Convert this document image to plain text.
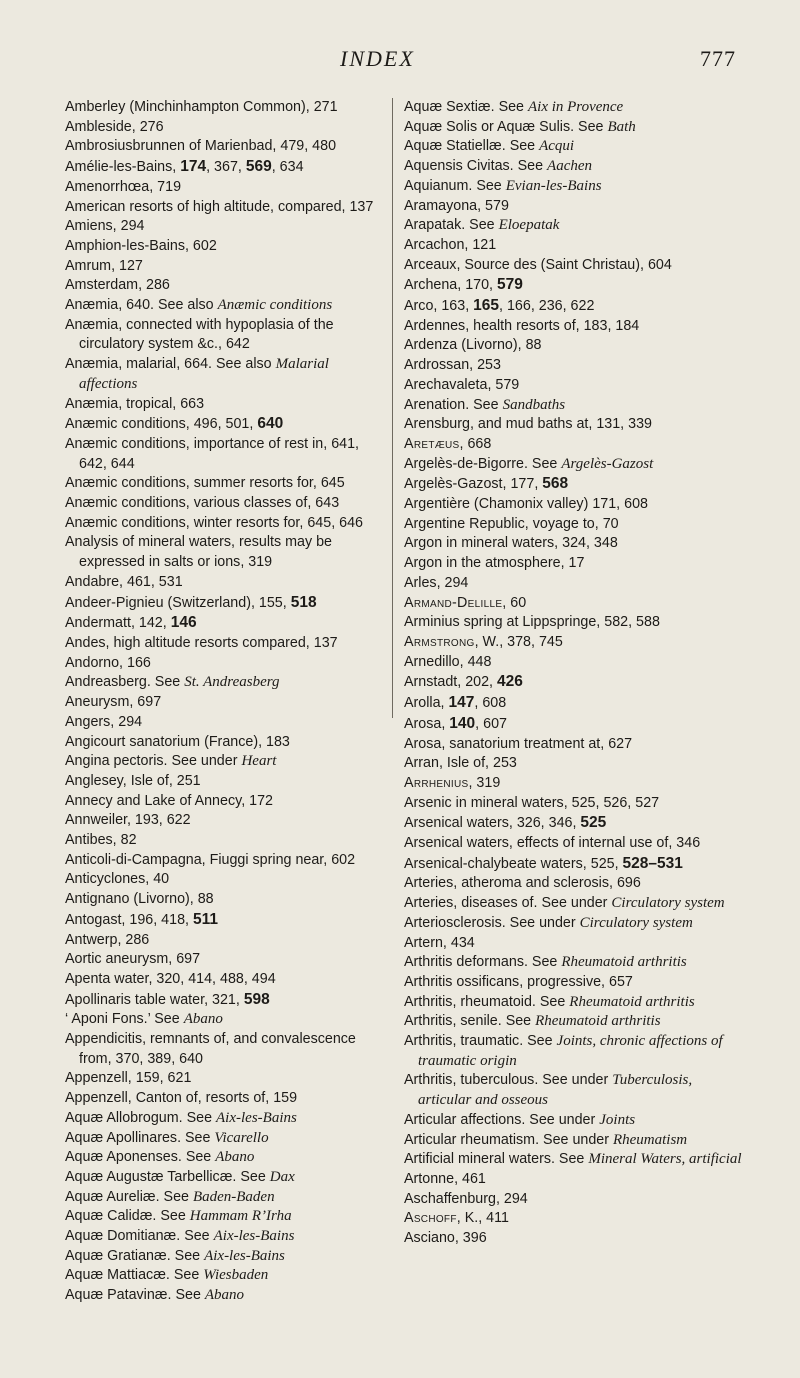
INDEX	777
Amberley (Minchinhampton Common), 271
Ambleside, 276
Ambrosiusbrunnen of Marienbad, 479, 480
Amélie-les-Bains, 174, 367, 569, 634
Amenorrhœa, 719
American resorts of high altitude, compared, 137
Amiens, 294
Amphion-les-Bains, 602
Amrum, 127
Amsterdam, 286
Anæmia, 640. See also Anæmic conditions
Anæmia, connected with hypoplasia of the circulatory system &c., 642
Anæmia, malarial, 664. See also Malarial affections
Anæmia, tropical, 663
Anæmic conditions, 496, 501, 640
Anæmic conditions, importance of rest in, 641, 642, 644
Anæmic conditions, summer resorts for, 645
Anæmic conditions, various classes of, 643
Anæmic conditions, winter resorts for, 645, 646
Analysis of mineral waters, results may be expressed in salts or ions, 319
Andabre, 461, 531
Andeer-Pignieu (Switzerland), 155, 518
Andermatt, 142, 146
Andes, high altitude resorts compared, 137
Andorno, 166
Andreasberg. See St. Andreasberg
Aneurysm, 697
Angers, 294
Angicourt sanatorium (France), 183
Angina pectoris. See under Heart
Anglesey, Isle of, 251
Annecy and Lake of Annecy, 172
Annweiler, 193, 622
Antibes, 82
Anticoli-di-Campagna, Fiuggi spring near, 602
Anticyclones, 40
Antignano (Livorno), 88
Antogast, 196, 418, 511
Antwerp, 286
Aortic aneurysm, 697
Apenta water, 320, 414, 488, 494
Apollinaris table water, 321, 598
‘ Aponi Fons.’ See Abano
Appendicitis, remnants of, and convalescence from, 370, 389, 640
Appenzell, 159, 621
Appenzell, Canton of, resorts of, 159
Aquæ Allobrogum. See Aix-les-Bains
Aquæ Apollinares. See Vicarello
Aquæ Aponenses. See Abano
Aquæ Augustæ Tarbellicæ. See Dax
Aquæ Aureliæ. See Baden-Baden
Aquæ Calidæ. See Hammam R’Irha
Aquæ Domitianæ. See Aix-les-Bains
Aquæ Gratianæ. See Aix-les-Bains
Aquæ Mattiacæ. See Wiesbaden
Aquæ Patavinæ. See Abano
Aquæ Sextiæ. See Aix in Provence
Aquæ Solis or Aquæ Sulis. See Bath
Aquæ Statiellæ. See Acqui
Aquensis Civitas. See Aachen
Aquianum. See Evian-les-Bains
Aramayona, 579
Arapatak. See Eloepatak
Arcachon, 121
Arceaux, Source des (Saint Christau), 604
Archena, 170, 579
Arco, 163, 165, 166, 236, 622
Ardennes, health resorts of, 183, 184
Ardenza (Livorno), 88
Ardrossan, 253
Arechavaleta, 579
Arenation. See Sandbaths
Arensburg, and mud baths at, 131, 339
Aretæus, 668
Argelès-de-Bigorre. See Argelès-Gazost
Argelès-Gazost, 177, 568
Argentière (Chamonix valley) 171, 608
Argentine Republic, voyage to, 70
Argon in mineral waters, 324, 348
Argon in the atmosphere, 17
Arles, 294
Armand-Delille, 60
Arminius spring at Lippspringe, 582, 588
Armstrong, W., 378, 745
Arnedillo, 448
Arnstadt, 202, 426
Arolla, 147, 608
Arosa, 140, 607
Arosa, sanatorium treatment at, 627
Arran, Isle of, 253
Arrhenius, 319
Arsenic in mineral waters, 525, 526, 527
Arsenical waters, 326, 346, 525
Arsenical waters, effects of internal use of, 346
Arsenical-chalybeate waters, 525, 528–531
Arteries, atheroma and sclerosis, 696
Arteries, diseases of. See under Circulatory system
Arteriosclerosis. See under Circulatory system
Artern, 434
Arthritis deformans. See Rheumatoid arthritis
Arthritis ossificans, progressive, 657
Arthritis, rheumatoid. See Rheumatoid arthritis
Arthritis, senile. See Rheumatoid arthritis
Arthritis, traumatic. See Joints, chronic affections of traumatic origin
Arthritis, tuberculous. See under Tuberculosis, articular and osseous
Articular affections. See under Joints
Articular rheumatism. See under Rheumatism
Artificial mineral waters. See Mineral Waters, artificial
Artonne, 461
Aschaffenburg, 294
Aschoff, K., 411
Asciano, 396
